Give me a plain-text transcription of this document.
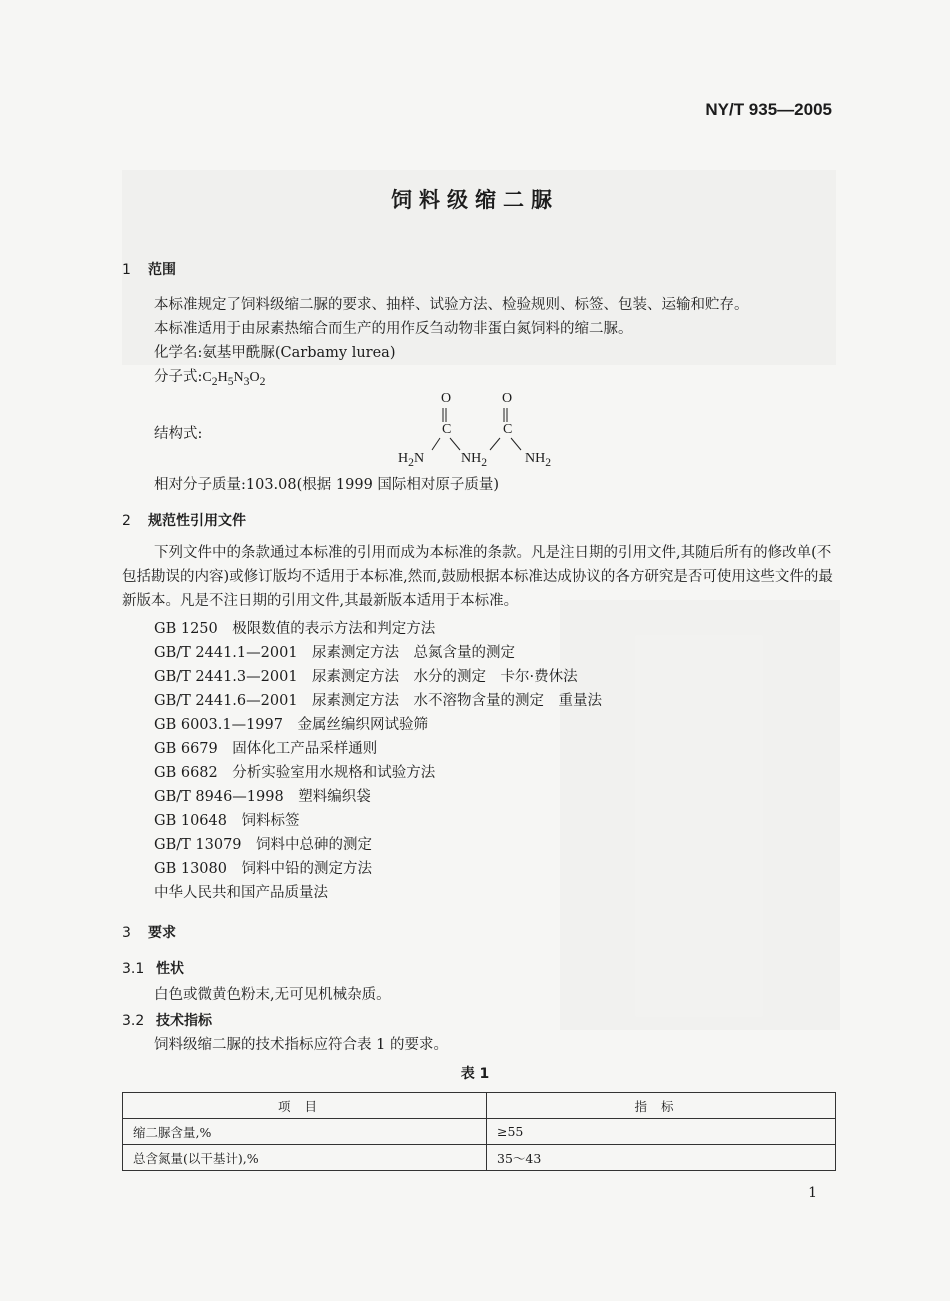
NY/T 935—2005
饲料级缩二脲
1 范围
本标准规定了饲料级缩二脲的要求、抽样、试验方法、检验规则、标签、包装、运输和贮存。
本标准适用于由尿素热缩合而生产的用作反刍动物非蛋白氮饲料的缩二脲。
化学名:氨基甲酰脲(Carbamy lurea)
分子式$:C_2H_5N_3O_2$
结构式:
O	O
C	C
$H_2N$	$NH_2$	$NH_2$
相对分子质量:103.08(根据 1999 国际相对原子质量)
2 规范性引用文件
下列文件中的条款通过本标准的引用而成为本标准的条款。凡是注日期的引用文件,其随后所有的修改单(不包括勘误的内容)或修订版均不适用于本标准,然而,鼓励根据本标准达成协议的各方研究是否可使用这些文件的最新版本。凡是不注日期的引用文件,其最新版本适用于本标准。
GB 1250　极限数值的表示方法和判定方法
GB/T 2441.1—2001　尿素测定方法　总氮含量的测定
GB/T 2441.3—2001　尿素测定方法　水分的测定　卡尔·费休法
GB/T 2441.6—2001　尿素测定方法　水不溶物含量的测定　重量法
GB 6003.1—1997　金属丝编织网试验筛
GB 6679　固体化工产品采样通则
GB 6682　分析实验室用水规格和试验方法
GB/T 8946—1998　塑料编织袋
GB 10648　饲料标签
GB/T 13079　饲料中总砷的测定
GB 13080　饲料中铅的测定方法
中华人民共和国产品质量法
3 要求
3.1 性状
白色或微黄色粉末,无可见机械杂质。
3.2 技术指标
饲料级缩二脲的技术指标应符合表 1 的要求。
表 1
项目	指标
缩二脲含量,%	≥55
总含氮量(以干基计),%	35～43
1
